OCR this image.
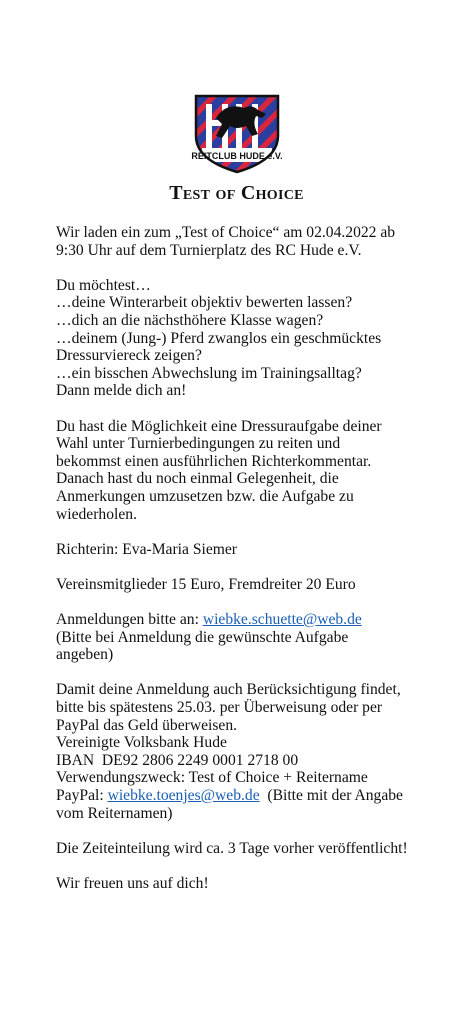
REITCLUB HUDE e.V.
Test of Choice
Wir laden ein zum „Test of Choice“ am 02.04.2022 ab
9:30 Uhr auf dem Turnierplatz des RC Hude e.V.
Du möchtest…
…deine Winterarbeit objektiv bewerten lassen?
…dich an die nächsthöhere Klasse wagen?
…deinem (Jung-) Pferd zwanglos ein geschmücktes
Dressurviereck zeigen?
…ein bisschen Abwechslung im Trainingsalltag?
Dann melde dich an!
Du hast die Möglichkeit eine Dressuraufgabe deiner
Wahl unter Turnierbedingungen zu reiten und
bekommst einen ausführlichen Richterkommentar.
Danach hast du noch einmal Gelegenheit, die
Anmerkungen umzusetzen bzw. die Aufgabe zu
wiederholen.
Richterin: Eva-Maria Siemer
Vereinsmitglieder 15 Euro, Fremdreiter 20 Euro
Anmeldungen bitte an: wiebke.schuette@web.de
(Bitte bei Anmeldung die gewünschte Aufgabe
angeben)
Damit deine Anmeldung auch Berücksichtigung findet,
bitte bis spätestens 25.03. per Überweisung oder per
PayPal das Geld überweisen.
Vereinigte Volksbank Hude
IBAN  DE92 2806 2249 0001 2718 00
Verwendungszweck: Test of Choice + Reitername
PayPal: wiebke.toenjes@web.de  (Bitte mit der Angabe
vom Reiternamen)
Die Zeiteinteilung wird ca. 3 Tage vorher veröffentlicht!
Wir freuen uns auf dich!
